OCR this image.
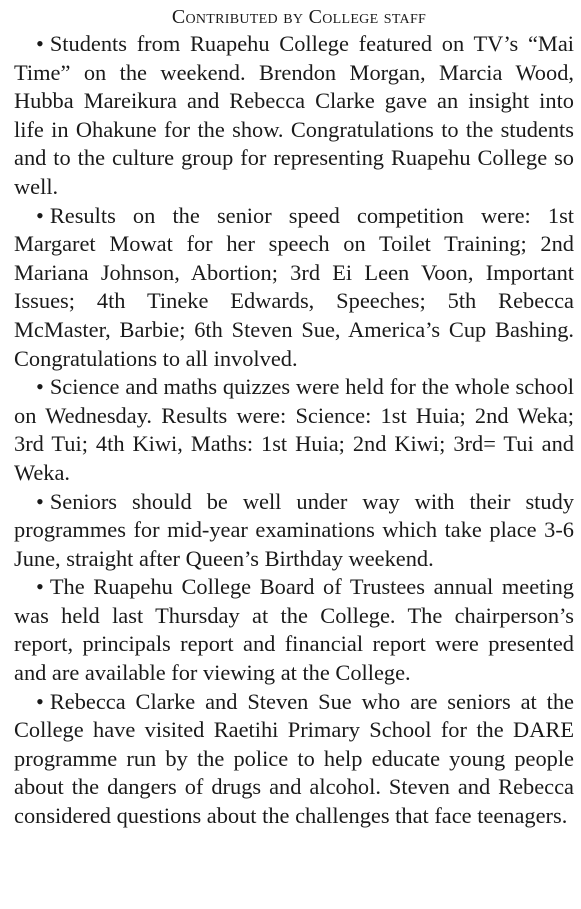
Contributed by College staff

• Students from Ruapehu College featured on TV’s “Mai Time” on the weekend. Brendon Morgan, Marcia Wood, Hubba Mareikura and Rebecca Clarke gave an insight into life in Ohakune for the show. Congratulations to the students and to the culture group for representing Ruapehu College so well.

• Results on the senior speed competition were: 1st Margaret Mowat for her speech on Toilet Training; 2nd Mariana Johnson, Abortion; 3rd Ei Leen Voon, Important Issues; 4th Tineke Edwards, Speeches; 5th Rebecca McMaster, Barbie; 6th Steven Sue, America’s Cup Bashing. Congratulations to all involved.

• Science and maths quizzes were held for the whole school on Wednesday. Results were: Science: 1st Huia; 2nd Weka; 3rd Tui; 4th Kiwi, Maths: 1st Huia; 2nd Kiwi; 3rd= Tui and Weka.

• Seniors should be well under way with their study programmes for mid-year examinations which take place 3-6 June, straight after Queen’s Birthday weekend.

• The Ruapehu College Board of Trustees annual meeting was held last Thursday at the College. The chairperson’s report, principals report and financial report were presented and are available for viewing at the College.

• Rebecca Clarke and Steven Sue who are seniors at the College have visited Raetihi Primary School for the DARE programme run by the police to help educate young people about the dangers of drugs and alcohol. Steven and Rebecca considered questions about the challenges that face teenagers.
